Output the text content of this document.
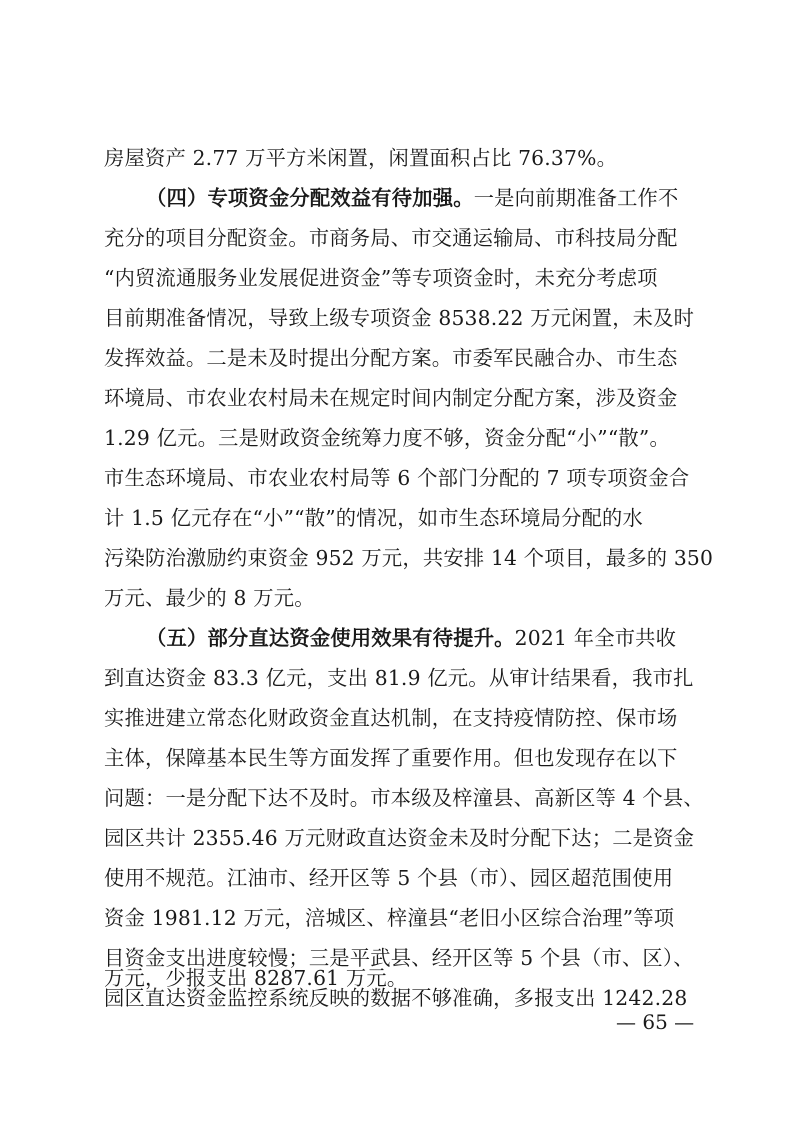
房屋资产 2.77 万平方米闲置，闲置面积占比 76.37%。
（四）专项资金分配效益有待加强。一是向前期准备工作不
充分的项目分配资金。市商务局、市交通运输局、市科技局分配
“内贸流通服务业发展促进资金”等专项资金时，未充分考虑项
目前期准备情况，导致上级专项资金 8538.22 万元闲置，未及时
发挥效益。二是未及时提出分配方案。市委军民融合办、市生态
环境局、市农业农村局未在规定时间内制定分配方案，涉及资金
1.29 亿元。三是财政资金统筹力度不够，资金分配“小”“散”。
市生态环境局、市农业农村局等 6 个部门分配的 7 项专项资金合
计 1.5 亿元存在“小”“散”的情况，如市生态环境局分配的水
污染防治激励约束资金 952 万元，共安排 14 个项目，最多的 350
万元、最少的 8 万元。
（五）部分直达资金使用效果有待提升。2021 年全市共收
到直达资金 83.3 亿元，支出 81.9 亿元。从审计结果看，我市扎
实推进建立常态化财政资金直达机制，在支持疫情防控、保市场
主体，保障基本民生等方面发挥了重要作用。但也发现存在以下
问题：一是分配下达不及时。市本级及梓潼县、高新区等 4 个县、
园区共计 2355.46 万元财政直达资金未及时分配下达；二是资金
使用不规范。江油市、经开区等 5 个县（市）、园区超范围使用
资金 1981.12 万元，涪城区、梓潼县“老旧小区综合治理”等项
目资金支出进度较慢；三是平武县、经开区等 5 个县（市、区）、
园区直达资金监控系统反映的数据不够准确，多报支出 1242.28
万元，少报支出 8287.61 万元。
— 65 —
